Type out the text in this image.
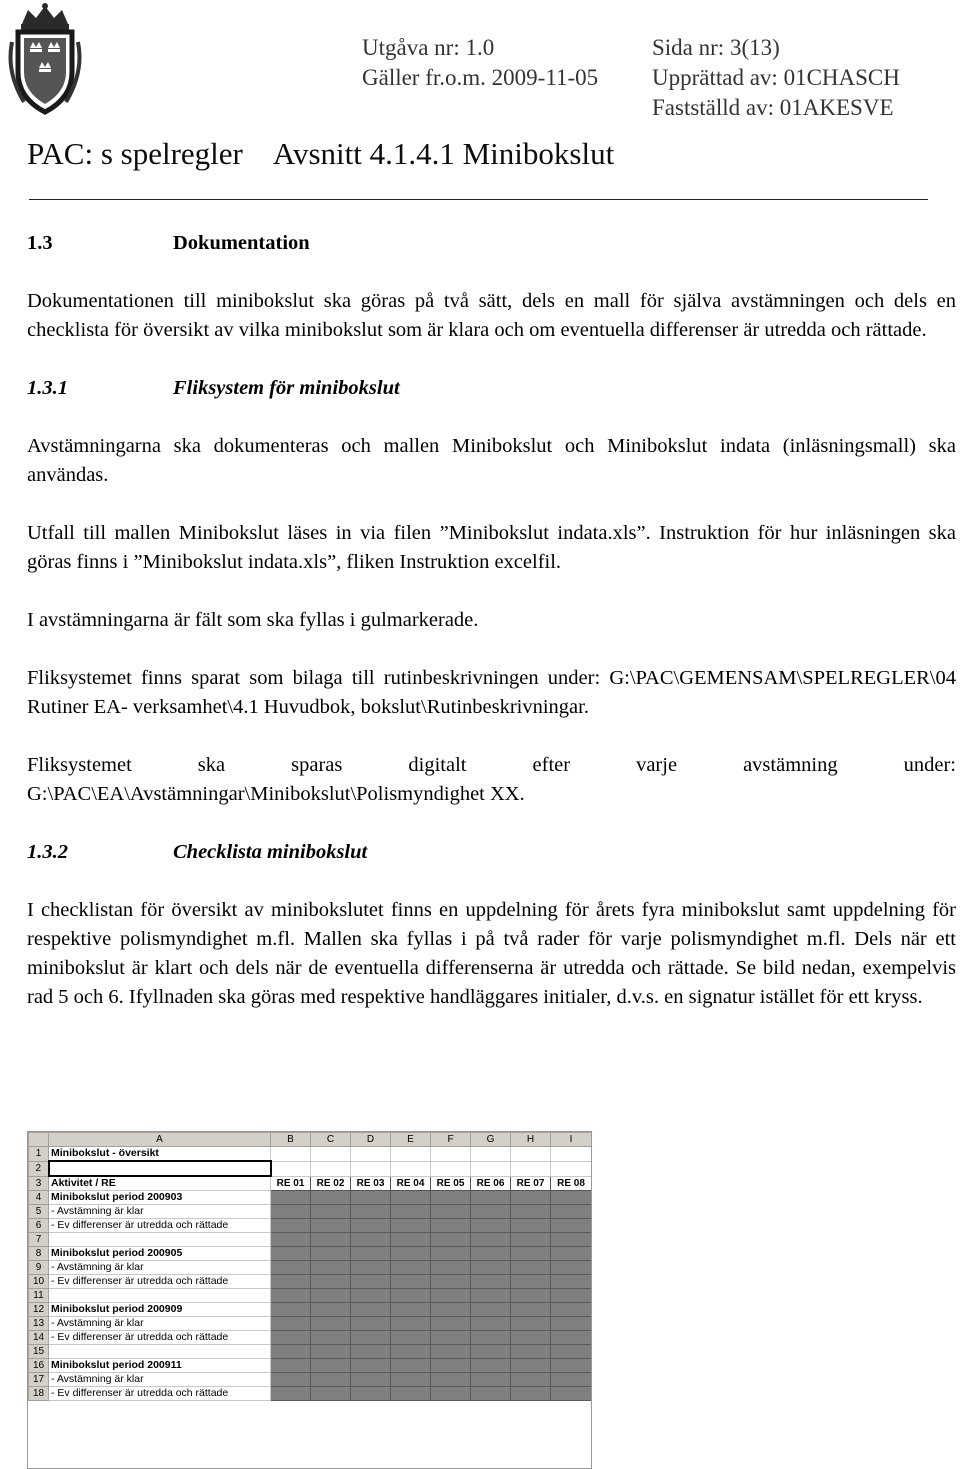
Utgåva nr: 1.0
Gäller fr.o.m. 2009-11-05
Sida nr: 3(13)
Upprättad av: 01CHASCH
Fastställd av: 01AKESVE
PAC: s spelregler Avsnitt 4.1.4.1 Minibokslut
1.3	Dokumentation

Dokumentationen till minibokslut ska göras på två sätt, dels en mall för själva avstämningen och dels en checklista för översikt av vilka minibokslut som är klara och om eventuella differenser är utredda och rättade.

1.3.1	Fliksystem för minibokslut

Avstämningarna ska dokumenteras och mallen Minibokslut och Minibokslut indata (inläsningsmall) ska användas.

Utfall till mallen Minibokslut läses in via filen ”Minibokslut indata.xls”. Instruktion för hur inläsningen ska göras finns i ”Minibokslut indata.xls”, fliken Instruktion excelfil.

I avstämningarna är fält som ska fyllas i gulmarkerade.

Fliksystemet finns sparat som bilaga till rutinbeskrivningen under: G:\PAC\GEMENSAM\SPELREGLER\04 Rutiner EA- verksamhet\4.1 Huvudbok, bokslut\Rutinbeskrivningar.

Fliksystemet ska sparas digitalt efter varje avstämning under: G:\PAC\EA\Avstämningar\Minibokslut\Polismyndighet XX.

1.3.2	Checklista minibokslut

I checklistan för översikt av minibokslutet finns en uppdelning för årets fyra minibokslut samt uppdelning för respektive polismyndighet m.fl. Mallen ska fyllas i på två rader för varje polismyndighet m.fl. Dels när ett minibokslut är klart och dels när de eventuella differenserna är utredda och rättade. Se bild nedan, exempelvis rad 5 och 6. Ifyllnaden ska göras med respektive handläggares initialer, d.v.s. en signatur istället för ett kryss.

	A	B	C	D	E	F	G	H	I
1	Minibokslut - översikt								
2									
3	Aktivitet / RE	RE 01	RE 02	RE 03	RE 04	RE 05	RE 06	RE 07	RE 08
4	Minibokslut period 200903								
5	- Avstämning är klar								
6	- Ev differenser är utredda och rättade								
7									
8	Minibokslut period 200905								
9	- Avstämning är klar								
10	- Ev differenser är utredda och rättade								
11									
12	Minibokslut period 200909								
13	- Avstämning är klar								
14	- Ev differenser är utredda och rättade								
15									
16	Minibokslut period 200911								
17	- Avstämning är klar								
18	- Ev differenser är utredda och rättade								
